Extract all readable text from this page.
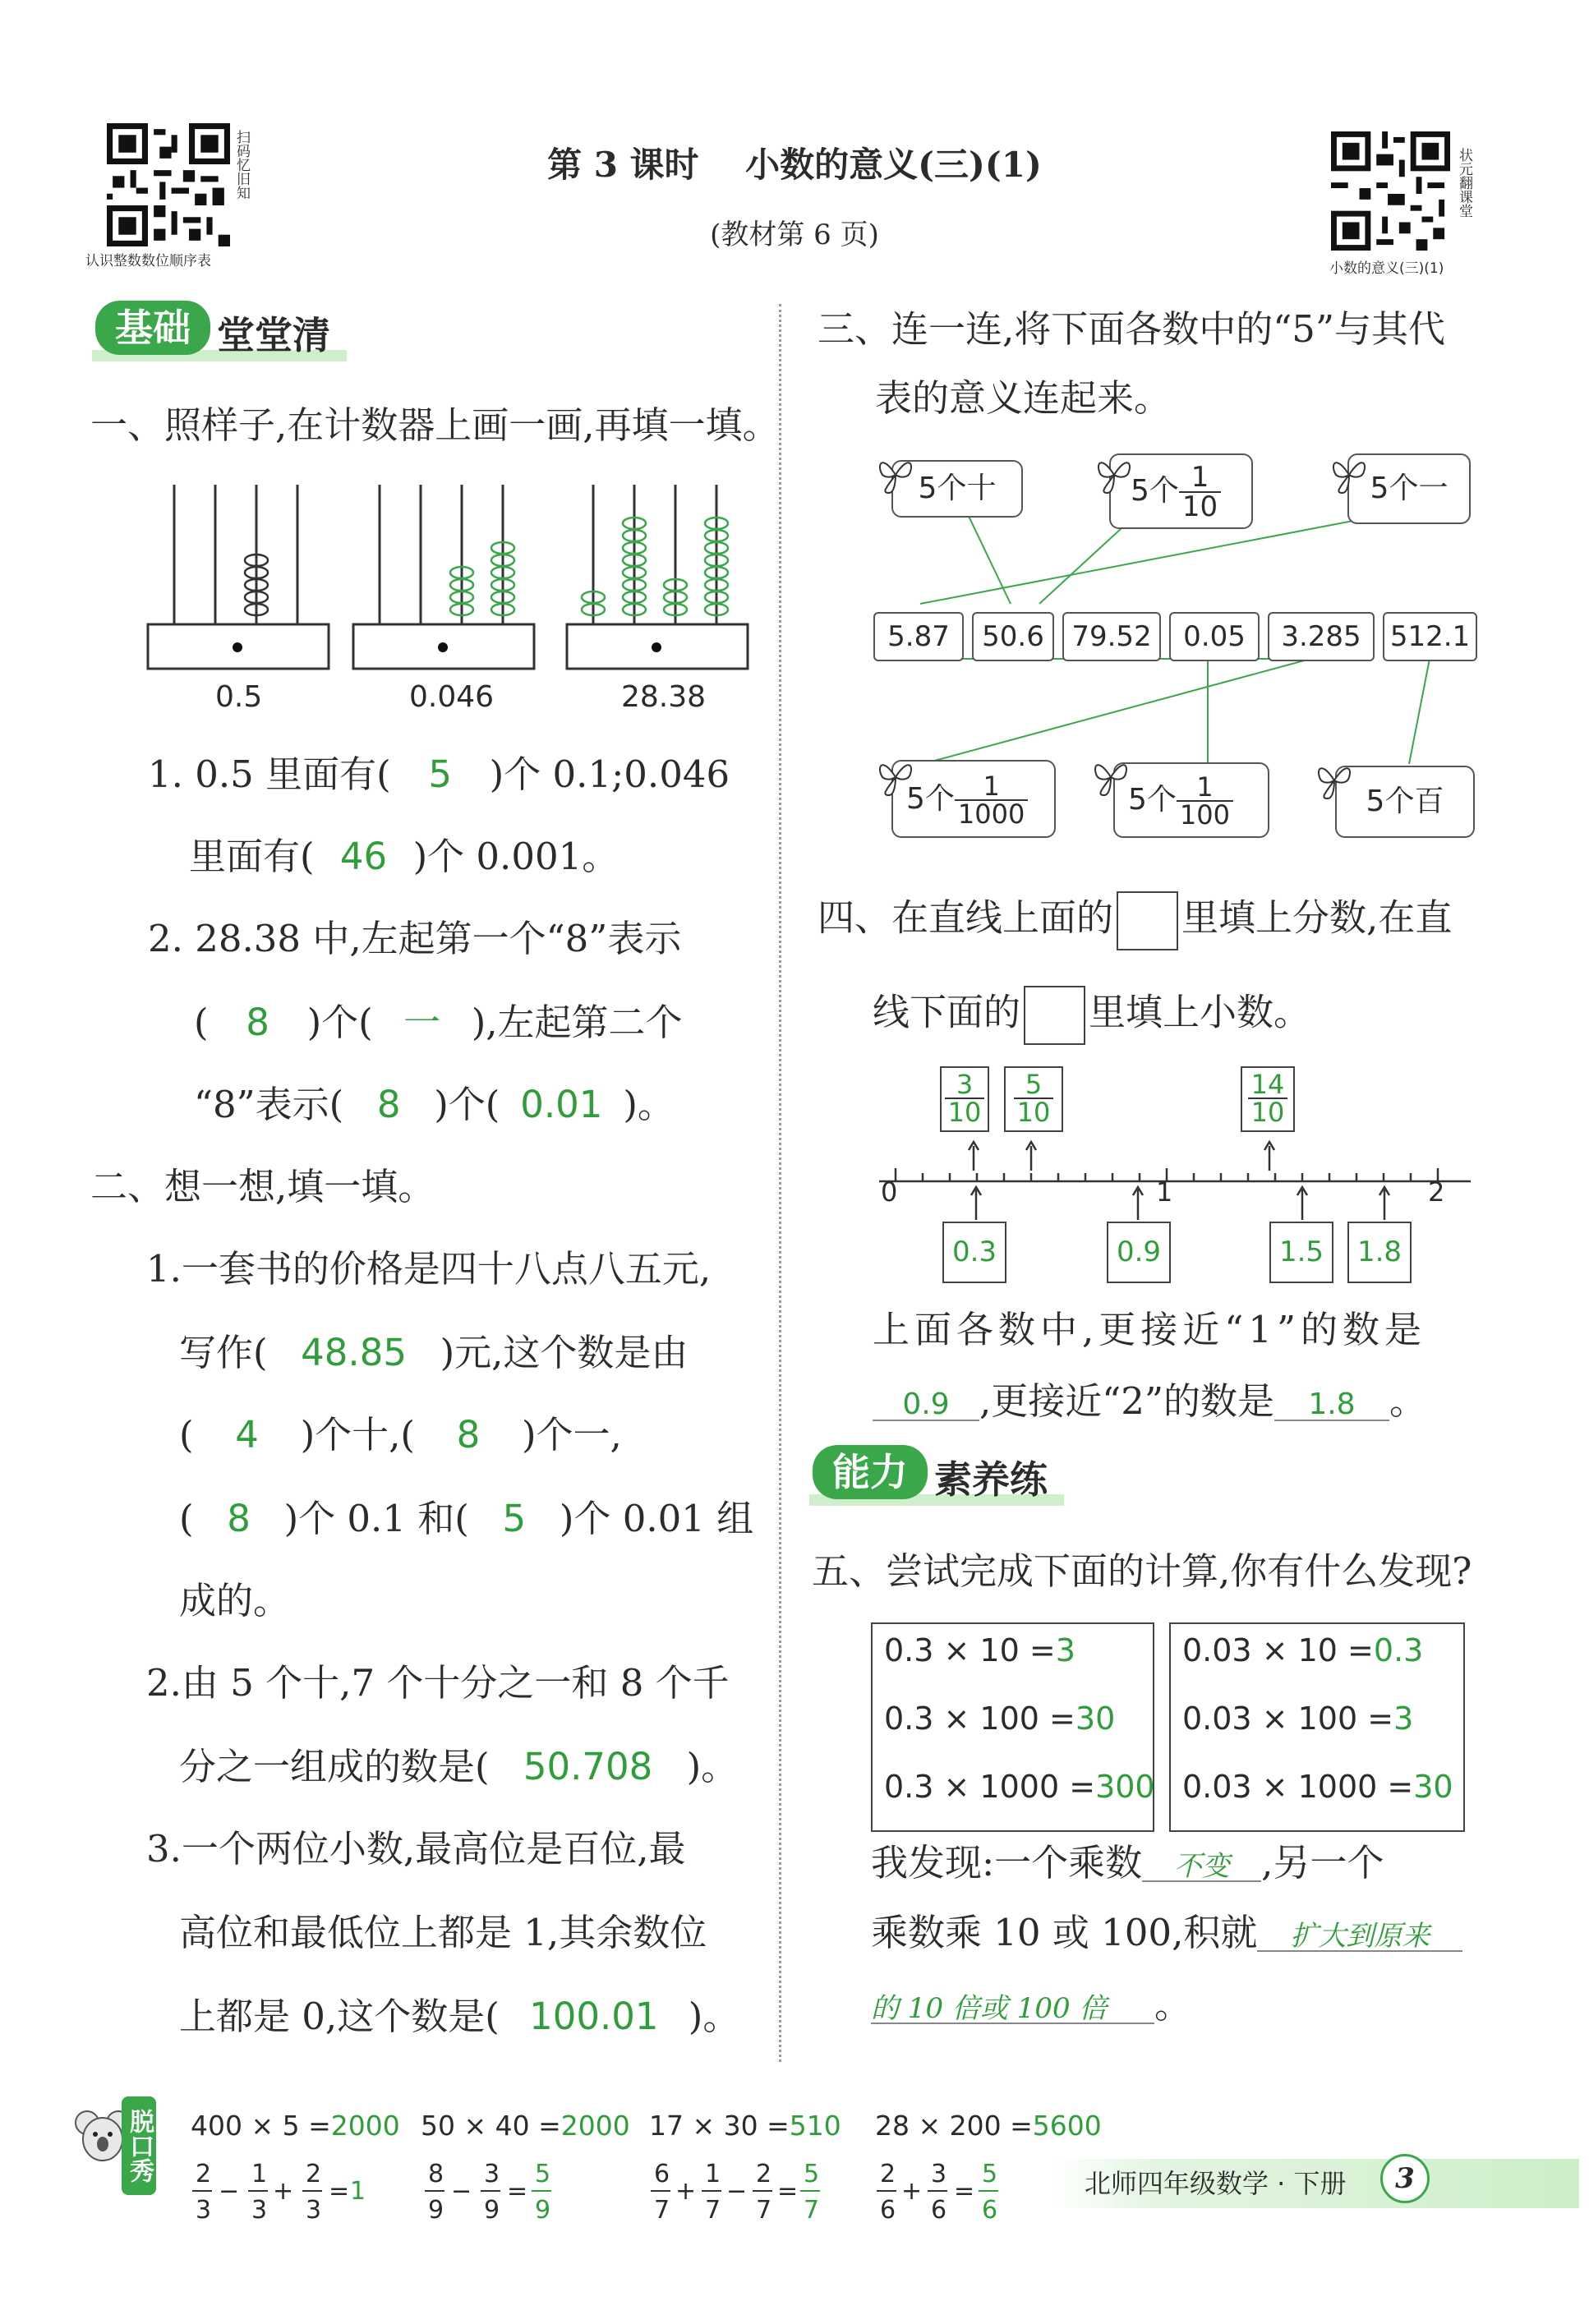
扫码忆旧知
认识整数数位顺序表
第 3 课时　 小数的意义(三)(1)
(教材第 6 页)
状元翻课堂
小数的意义(三)(1)
基础 堂堂清
一、照样子,在计数器上画一画,再填一填。
0.5	0.046	28.38
1. 0.5 里面有( 5 )个 0.1;0.046
里面有( 46 )个 0.001。
2. 28.38 中,左起第一个“8”表示
( 8 )个( 一 ),左起第二个
“8”表示( 8 )个( 0.01 )。
二、想一想,填一填。
1.一套书的价格是四十八点八五元,
写作( 48.85 )元,这个数是由
( 4 )个十,( 8 )个一,
( 8 )个 0.1 和( 5 )个 0.01 组
成的。
2.由 5 个十,7 个十分之一和 8 个千
分之一组成的数是( 50.708 )。
3.一个两位小数,最高位是百位,最
高位和最低位上都是 1,其余数位
上都是 0,这个数是( 100.01 )。
三、连一连,将下面各数中的“5”与其代
表的意义连起来。
5个十	5个 $\frac{1}{10}$	5个一
5.87	50.6 79.52	0.05	3.285	512.1
5个 $\frac{1}{1000}$	5个 $\frac{1}{100}$	5个百
四、在直线上面的 里填上分数,在直
线下面的 里填上小数。
0	1	2
$\frac{3}{10} \frac{5}{10}$	$\frac{14}{10}$
0.3	0.9	1.5	1.8
上面各数中,更接近“1”的数是
0.9 ,更接近“2”的数是 1.8 。
能力 素养练
五、尝试完成下面的计算,你有什么发现?
0.3 × 10 =3
0.3 × 100 =30
0.3 × 1000 =300
0.03 × 10 =0.3
0.03 × 100 =3
0.03 × 1000 =30
我发现:一个乘数 不变 ,另一个
乘数乘 10 或 100,积就 扩大到原来
的 10 倍或 100 倍 。
脱口秀 400 × 5 =2000 50 × 40 =2000 17 × 30 =510 28 × 200 =5600
2
3
−
1
3
+
2
3
= 1
8
9
−
3
9
=
5
9
6
7
+
1
7
−
2
7
=
5
7
2
6
+
3
6
=
5
6
北师四年级数学 · 下册	3
